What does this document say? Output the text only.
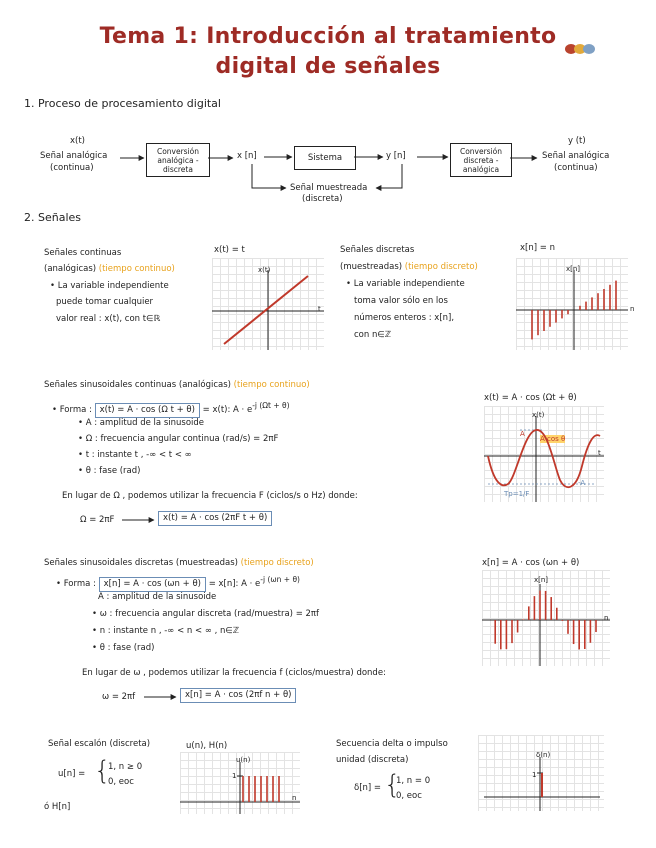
Tema 1: Introducción al tratamiento
digital de señales
1. Proceso de procesamiento digital
x(t)
Señal analógica
(continua)
Conversión analógica - discreta
x [n]	Sistema	y [n]	Conversión discreta - analógica
y (t)
Señal analógica
(continua)
Señal muestreada
(discreta)
2. Señales
Señales continuas
(analógicas) (tiempo continuo)
• La variable independiente
puede tomar cualquier
valor real : x(t), con t∈ℝ
x(t) = t
x(t)
t
Señales discretas
(muestreadas) (tiempo discreto)
• La variable independiente
toma valor sólo en los
números enteros : x[n],
con n∈ℤ
x[n] = n
x[n]
n
Señales sinusoidales continuas (analógicas) (tiempo continuo)
• Forma : x(t) = A · cos (Ω t + θ) = x(t): $A \cdot e^{-j (\Omega t + \theta)}$
• A : amplitud de la sinusoide
• Ω : frecuencia angular continua (rad/s) = 2πF
• t : instante t , -∞ < t < ∞
• θ : fase (rad)
En lugar de Ω , podemos utilizar la frecuencia F (ciclos/s o Hz) donde:
Ω = 2πF	x(t) = A · cos (2πF t + θ)
x(t) = A · cos (Ωt + θ)
x(t)
t
A
A cos θ
-A
Tp=1/F
Señales sinusoidales discretas (muestreadas) (tiempo discreto)
• Forma : x[n] = A · cos (ωn + θ) = x[n]: $A \cdot e^{-j (\omega n + \theta)}$
A : amplitud de la sinusoide
• ω : frecuencia angular discreta (rad/muestra) = 2πf
• n : instante n , -∞ < n < ∞ , n∈ℤ
• θ : fase (rad)
En lugar de ω , podemos utilizar la frecuencia f (ciclos/muestra) donde:
ω = 2πf	x[n] = A · cos (2πf n + θ)
x[n] = A · cos (ωn + θ)
x[n]
n
Señal escalón (discreta)
u[n] = {
1, n ≥ 0
0, eoc
ó H[n]
u(n), H(n)
u(n)
n
1
Secuencia delta o impulso
unidad (discreta)
δ[n] = {
1, n = 0
0, eoc
δ(n)
1
